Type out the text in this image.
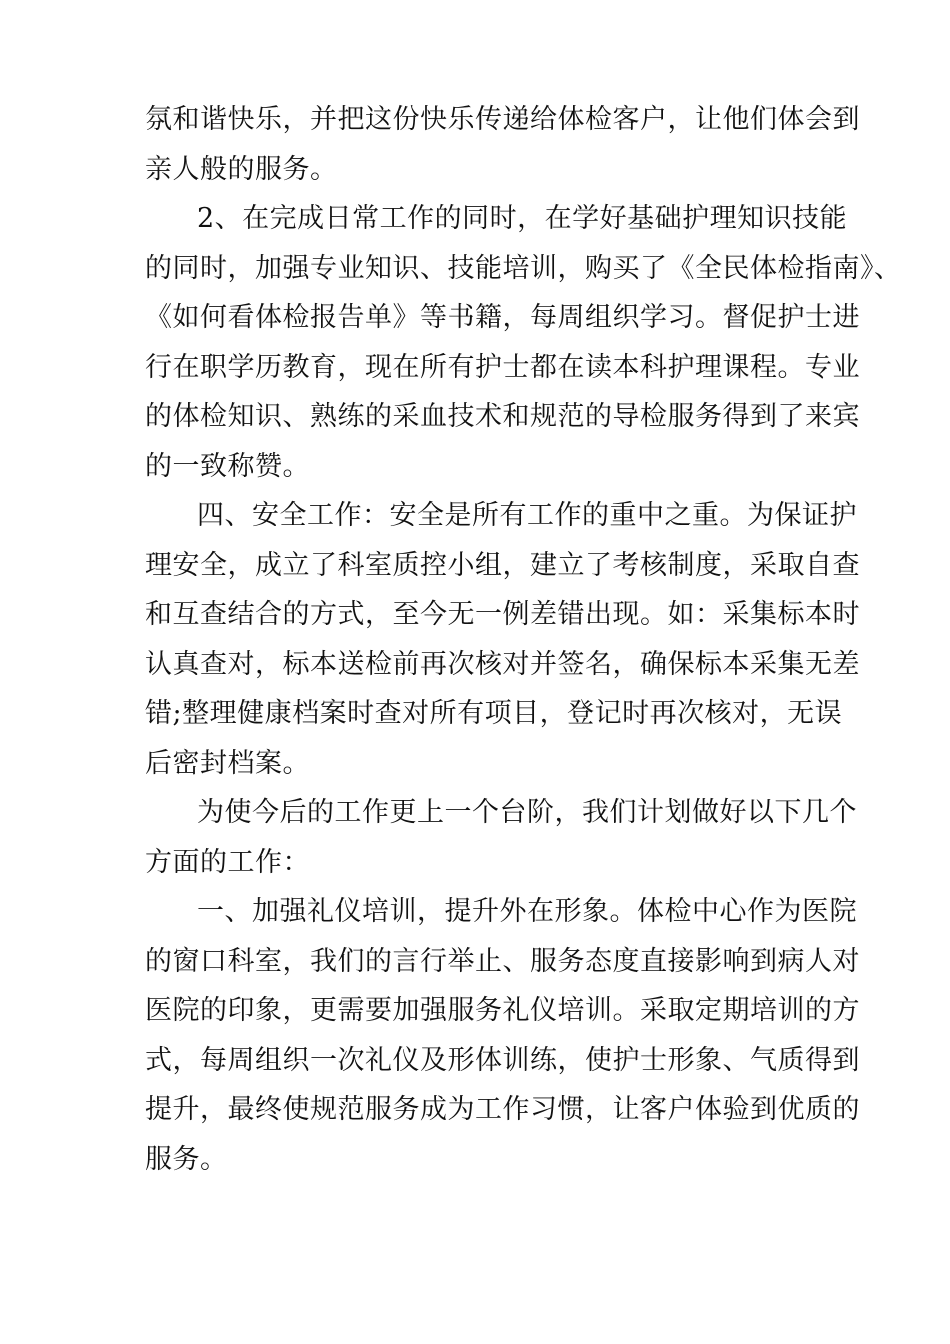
氛和谐快乐，并把这份快乐传递给体检客户，让他们体会到
亲人般的服务。

2、在完成日常工作的同时，在学好基础护理知识技能
的同时，加强专业知识、技能培训，购买了《全民体检指南》、
《如何看体检报告单》等书籍，每周组织学习。督促护士进
行在职学历教育，现在所有护士都在读本科护理课程。专业
的体检知识、熟练的采血技术和规范的导检服务得到了来宾
的一致称赞。

四、安全工作：安全是所有工作的重中之重。为保证护
理安全，成立了科室质控小组，建立了考核制度，采取自查
和互查结合的方式，至今无一例差错出现。如：采集标本时
认真查对，标本送检前再次核对并签名，确保标本采集无差
错;整理健康档案时查对所有项目，登记时再次核对，无误
后密封档案。

为使今后的工作更上一个台阶，我们计划做好以下几个
方面的工作：

一、加强礼仪培训，提升外在形象。体检中心作为医院
的窗口科室，我们的言行举止、服务态度直接影响到病人对
医院的印象，更需要加强服务礼仪培训。采取定期培训的方
式，每周组织一次礼仪及形体训练，使护士形象、气质得到
提升，最终使规范服务成为工作习惯，让客户体验到优质的
服务。
